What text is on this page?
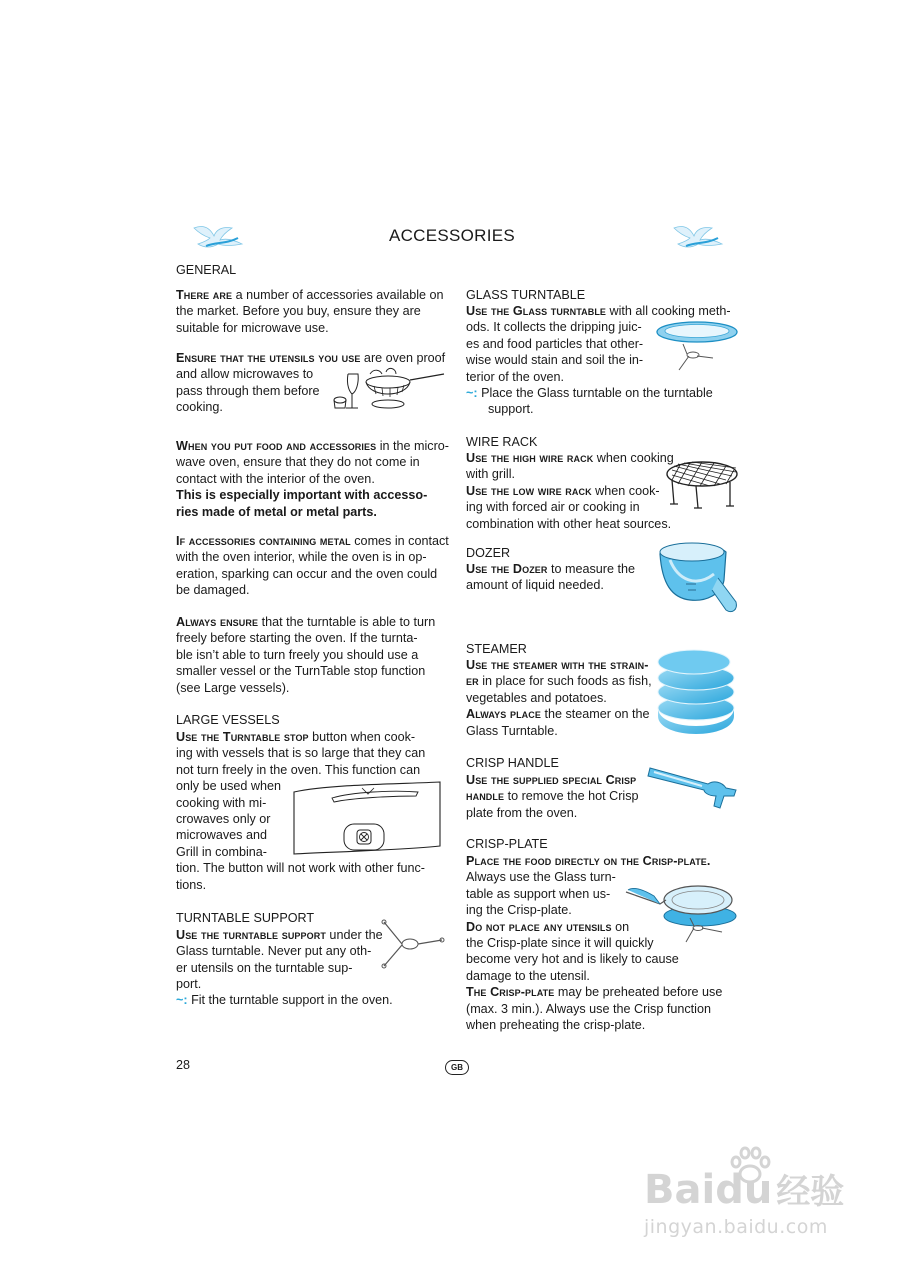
ACCESSORIES
GENERAL
There are a number of accessories available on
the market. Before you buy, ensure they are
suitable for microwave use.
Ensure that the utensils you use are oven proof
and allow microwaves to
pass through them before
cooking.
When you put food and accessories in the micro-
wave oven, ensure that they do not come in
contact with the interior of the oven.
This is especially important with accesso-
ries made of metal or metal parts.
If accessories containing metal comes in contact
with the oven interior, while the oven is in op-
eration, sparking can occur and the oven could
be damaged.
Always ensure that the turntable is able to turn
freely before starting the oven. If the turnta-
ble isn’t able to turn freely you should use a
smaller vessel or the TurnTable stop function
(see Large vessels).
LARGE VESSELS
Use the Turntable stop button when cook-
ing with vessels that is so large that they can
not turn freely in the oven. This function can
only be used when
cooking with mi-
crowaves only or
microwaves and
Grill in combina-
tion. The button will not work with other func-
tions.
TURNTABLE SUPPORT
Use the turntable support under the
Glass turntable. Never put any oth-
er utensils on the turntable sup-
port.
~: Fit the turntable support in the oven.
GLASS TURNTABLE
Use the Glass turntable with all cooking meth-
ods. It collects the dripping juic-
es and food particles that other-
wise would stain and soil the in-
terior of the oven.
~: Place the Glass turntable on the turntable
support.
WIRE RACK
Use the high wire rack when cooking
with grill.
Use the low wire rack when cook-
ing with forced air or cooking in
combination with other heat sources.
DOZER
Use the Dozer to measure the
amount of liquid needed.
STEAMER
Use the steamer with the strain-
er in place for such foods as fish,
vegetables and potatoes.
Always place the steamer on the
Glass Turntable.
CRISP HANDLE
Use the supplied special Crisp
handle to remove the hot Crisp
plate from the oven.
CRISP-PLATE
Place the food directly on the Crisp-plate.
Always use the Glass turn-
table as support when us-
ing the Crisp-plate.
Do not place any utensils on
the Crisp-plate since it will quickly
become very hot and is likely to cause
damage to the utensil.
The Crisp-plate may be preheated before use
(max. 3 min.). Always use the Crisp function
when preheating the crisp-plate.
28	GB
Baidu 经验
jingyan.baidu.com
